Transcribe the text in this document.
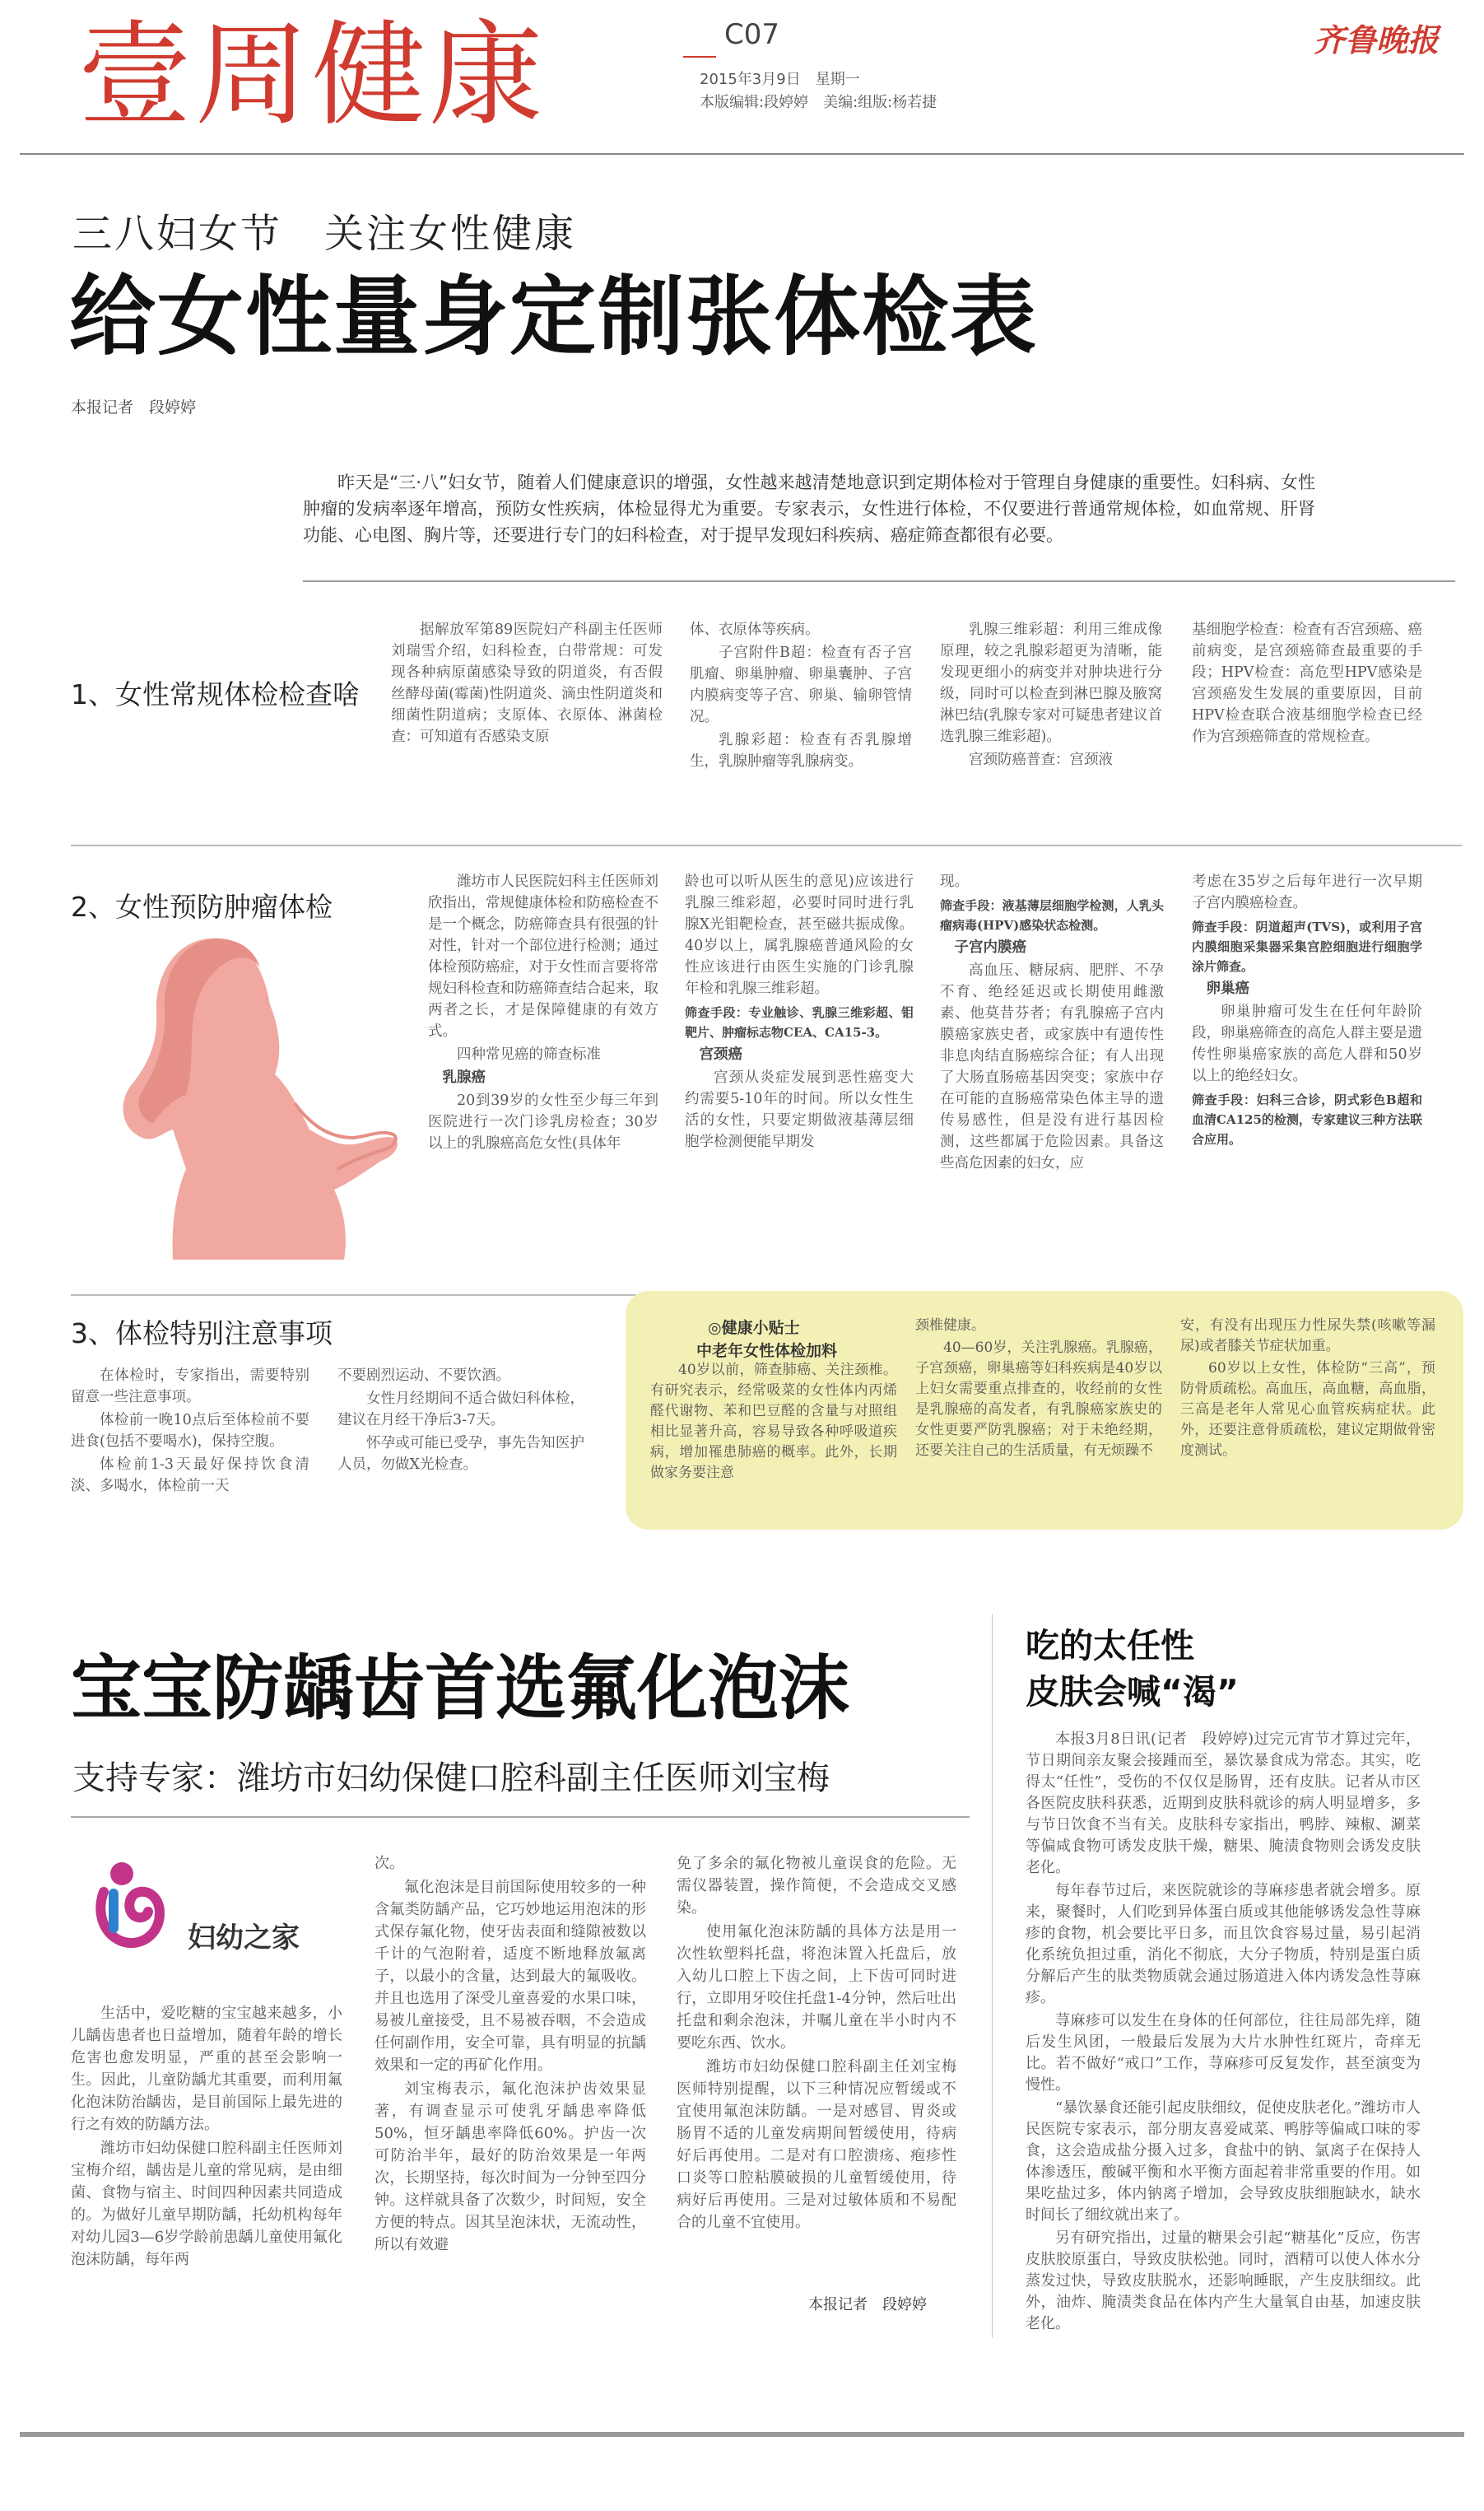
壹周健康	C07
2015年3月9日　星期一
本版编辑:段婷婷　美编:组版:杨若捷
齐鲁晚报
三八妇女节　关注女性健康
给女性量身定制张体检表
本报记者　段婷婷
昨天是“三·八”妇女节，随着人们健康意识的增强，女性越来越清楚地意识到定期体检对于管理自身健康的重要性。妇科病、女性肿瘤的发病率逐年增高，预防女性疾病，体检显得尤为重要。专家表示，女性进行体检，不仅要进行普通常规体检，如血常规、肝肾功能、心电图、胸片等，还要进行专门的妇科检查，对于提早发现妇科疾病、癌症筛查都很有必要。
1、女性常规体检检查啥

据解放军第89医院妇产科副主任医师刘瑞雪介绍，妇科检查，白带常规：可发现各种病原菌感染导致的阴道炎，有否假丝酵母菌(霉菌)性阴道炎、滴虫性阴道炎和细菌性阴道病；支原体、衣原体、淋菌检查：可知道有否感染支原

体、衣原体等疾病。

子宫附件B超：检查有否子宫肌瘤、卵巢肿瘤、卵巢囊肿、子宫内膜病变等子宫、卵巢、输卵管情况。

乳腺彩超：检查有否乳腺增生，乳腺肿瘤等乳腺病变。

乳腺三维彩超：利用三维成像原理，较之乳腺彩超更为清晰，能发现更细小的病变并对肿块进行分级，同时可以检查到淋巴腺及腋窝淋巴结(乳腺专家对可疑患者建议首选乳腺三维彩超)。

宫颈防癌普查：宫颈液

基细胞学检查：检查有否宫颈癌、癌前病变，是宫颈癌筛查最重要的手段；HPV检查：高危型HPV感染是宫颈癌发生发展的重要原因，目前HPV检查联合液基细胞学检查已经作为宫颈癌筛查的常规检查。

2、女性预防肿瘤体检

潍坊市人民医院妇科主任医师刘欣指出，常规健康体检和防癌检查不是一个概念，防癌筛查具有很强的针对性，针对一个部位进行检测；通过体检预防癌症，对于女性而言要将常规妇科检查和防癌筛查结合起来，取两者之长，才是保障健康的有效方式。

四种常见癌的筛查标准

乳腺癌

20到39岁的女性至少每三年到医院进行一次门诊乳房检查；30岁以上的乳腺癌高危女性(具体年

龄也可以听从医生的意见)应该进行乳腺三维彩超，必要时同时进行乳腺X光钼靶检查，甚至磁共振成像。40岁以上，属乳腺癌普通风险的女性应该进行由医生实施的门诊乳腺年检和乳腺三维彩超。

筛查手段：专业触诊、乳腺三维彩超、钼靶片、肿瘤标志物CEA、CA15-3。

宫颈癌

宫颈从炎症发展到恶性癌变大约需要5-10年的时间。所以女性生活的女性，只要定期做液基薄层细胞学检测便能早期发

现。

筛查手段：液基薄层细胞学检测，人乳头瘤病毒(HPV)感染状态检测。

子宫内膜癌

高血压、糖尿病、肥胖、不孕不育、绝经延迟或长期使用雌激素、他莫昔芬者；有乳腺癌子宫内膜癌家族史者，或家族中有遗传性非息肉结直肠癌综合征；有人出现了大肠直肠癌基因突变；家族中存在可能的直肠癌常染色体主导的遗传易感性，但是没有进行基因检测，这些都属于危险因素。具备这些高危因素的妇女，应

考虑在35岁之后每年进行一次早期子宫内膜癌检查。

筛查手段：阴道超声(TVS)，或利用子宫内膜细胞采集器采集宫腔细胞进行细胞学涂片筛查。

卵巢癌

卵巢肿瘤可发生在任何年龄阶段，卵巢癌筛查的高危人群主要是遗传性卵巢癌家族的高危人群和50岁以上的绝经妇女。

筛查手段：妇科三合诊，阴式彩色B超和血清CA125的检测，专家建议三种方法联合应用。

3、体检特别注意事项

在体检时，专家指出，需要特别留意一些注意事项。

体检前一晚10点后至体检前不要进食(包括不要喝水)，保持空腹。

体检前1-3天最好保持饮食清淡、多喝水，体检前一天

不要剧烈运动、不要饮酒。

女性月经期间不适合做妇科体检，建议在月经干净后3-7天。

怀孕或可能已受孕，事先告知医护人员，勿做X光检查。

◎健康小贴士
中老年女性体检加料

40岁以前，筛查肺癌、关注颈椎。有研究表示，经常吸菜的女性体内丙烯醛代谢物、苯和巴豆醛的含量与对照组相比显著升高，容易导致各种呼吸道疾病，增加罹患肺癌的概率。此外，长期做家务要注意

颈椎健康。

40—60岁，关注乳腺癌。乳腺癌，子宫颈癌，卵巢癌等妇科疾病是40岁以上妇女需要重点排查的，收经前的女性是乳腺癌的高发者，有乳腺癌家族史的女性更要严防乳腺癌；对于未绝经期，还要关注自己的生活质量，有无烦躁不

安，有没有出现压力性尿失禁(咳嗽等漏尿)或者膝关节症状加重。

60岁以上女性，体检防“三高”，预防骨质疏松。高血压，高血糖，高血脂，三高是老年人常见心血管疾病症状。此外，还要注意骨质疏松，建议定期做骨密度测试。

宝宝防龋齿首选氟化泡沫
支持专家：潍坊市妇幼保健口腔科副主任医师刘宝梅
妇幼之家

生活中，爱吃糖的宝宝越来越多，小儿龋齿患者也日益增加，随着年龄的增长危害也愈发明显，严重的甚至会影响一生。因此，儿童防龋尤其重要，而利用氟化泡沫防治龋齿，是目前国际上最先进的行之有效的防龋方法。

潍坊市妇幼保健口腔科副主任医师刘宝梅介绍，龋齿是儿童的常见病，是由细菌、食物与宿主、时间四种因素共同造成的。为做好儿童早期防龋，托幼机构每年对幼儿园3—6岁学龄前患龋儿童使用氟化泡沫防龋，每年两

次。

氟化泡沫是目前国际使用较多的一种含氟类防龋产品，它巧妙地运用泡沫的形式保存氟化物，使牙齿表面和缝隙被数以千计的气泡附着，适度不断地释放氟离子，以最小的含量，达到最大的氟吸收。并且也选用了深受儿童喜爱的水果口味，易被儿童接受，且不易被吞咽，不会造成任何副作用，安全可靠，具有明显的抗龋效果和一定的再矿化作用。

刘宝梅表示，氟化泡沫护齿效果显著，有调查显示可使乳牙龋患率降低50%，恒牙龋患率降低60%。护齿一次可防治半年，最好的防治效果是一年两次，长期坚持，每次时间为一分钟至四分钟。这样就具备了次数少，时间短，安全方便的特点。因其呈泡沫状，无流动性，所以有效避

免了多余的氟化物被儿童误食的危险。无需仪器装置，操作简便，不会造成交叉感染。

使用氟化泡沫防龋的具体方法是用一次性软塑料托盘，将泡沫置入托盘后，放入幼儿口腔上下齿之间，上下齿可同时进行，立即用牙咬住托盘1-4分钟，然后吐出托盘和剩余泡沫，并嘱儿童在半小时内不要吃东西、饮水。

潍坊市妇幼保健口腔科副主任刘宝梅医师特别提醒，以下三种情况应暂缓或不宜使用氟泡沫防龋。一是对感冒、胃炎或肠胃不适的儿童发病期间暂缓使用，待病好后再使用。二是对有口腔溃疡、疱疹性口炎等口腔粘膜破损的儿童暂缓使用，待病好后再使用。三是对过敏体质和不易配合的儿童不宜使用。

本报记者　段婷婷
吃的太任性
皮肤会喊“渴”

本报3月8日讯(记者　段婷婷)过完元宵节才算过完年，节日期间亲友聚会接踵而至，暴饮暴食成为常态。其实，吃得太“任性”，受伤的不仅仅是肠胃，还有皮肤。记者从市区各医院皮肤科获悉，近期到皮肤科就诊的病人明显增多，多与节日饮食不当有关。皮肤科专家指出，鸭脖、辣椒、涮菜等偏咸食物可诱发皮肤干燥，糖果、腌渍食物则会诱发皮肤老化。

每年春节过后，来医院就诊的荨麻疹患者就会增多。原来，聚餐时，人们吃到异体蛋白质或其他能够诱发急性荨麻疹的食物，机会要比平日多，而且饮食容易过量，易引起消化系统负担过重，消化不彻底，大分子物质，特别是蛋白质分解后产生的肽类物质就会通过肠道进入体内诱发急性荨麻疹。

荨麻疹可以发生在身体的任何部位，往往局部先痒，随后发生风团，一般最后发展为大片水肿性红斑片，奇痒无比。若不做好“戒口”工作，荨麻疹可反复发作，甚至演变为慢性。

“暴饮暴食还能引起皮肤细纹，促使皮肤老化。”潍坊市人民医院专家表示，部分朋友喜爱咸菜、鸭脖等偏咸口味的零食，这会造成盐分摄入过多，食盐中的钠、氯离子在保持人体渗透压，酸碱平衡和水平衡方面起着非常重要的作用。如果吃盐过多，体内钠离子增加，会导致皮肤细胞缺水，缺水时间长了细纹就出来了。

另有研究指出，过量的糖果会引起“糖基化”反应，伤害皮肤胶原蛋白，导致皮肤松弛。同时，酒精可以使人体水分蒸发过快，导致皮肤脱水，还影响睡眠，产生皮肤细纹。此外，油炸、腌渍类食品在体内产生大量氧自由基，加速皮肤老化。
